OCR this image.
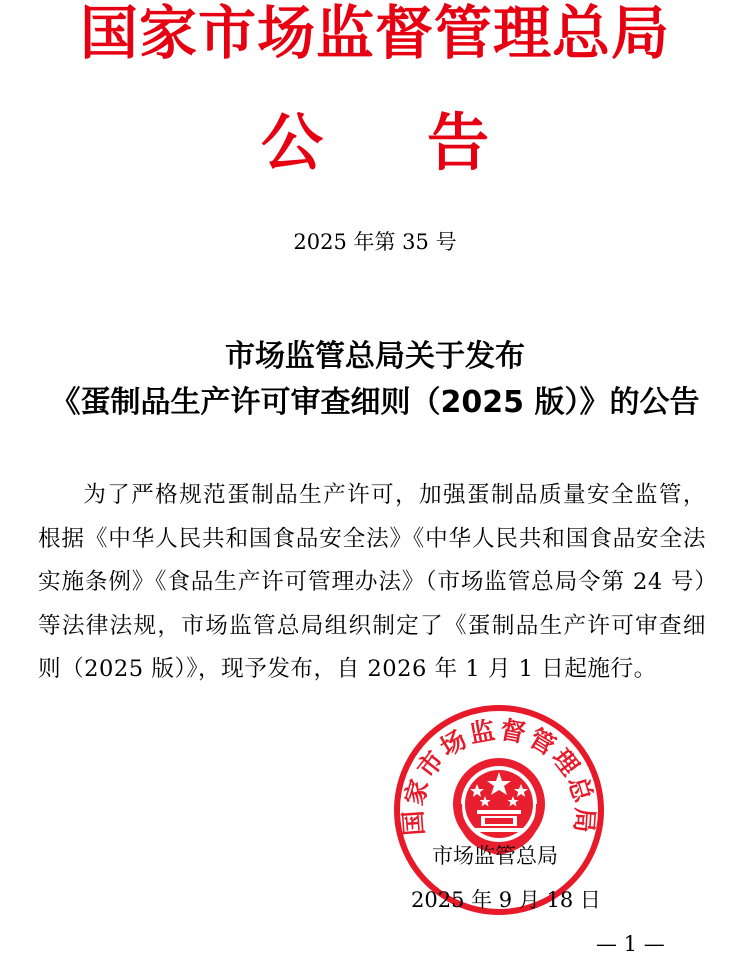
国家市场监督管理总局
公 告
2025 年第 35 号
市场监管总局关于发布
《蛋制品生产许可审查细则（2025 版）》的公告
为了严格规范蛋制品生产许可，加强蛋制品质量安全监管，根据《中华人民共和国食品安全法》《中华人民共和国食品安全法实施条例》《食品生产许可管理办法》（市场监管总局令第 24 号）等法律法规，市场监管总局组织制定了《蛋制品生产许可审查细则（2025 版）》，现予发布，自 2026 年 1 月 1 日起施行。
国家市场监督管理总局
市场监管总局
2025 年 9 月 18 日
— 1 —
